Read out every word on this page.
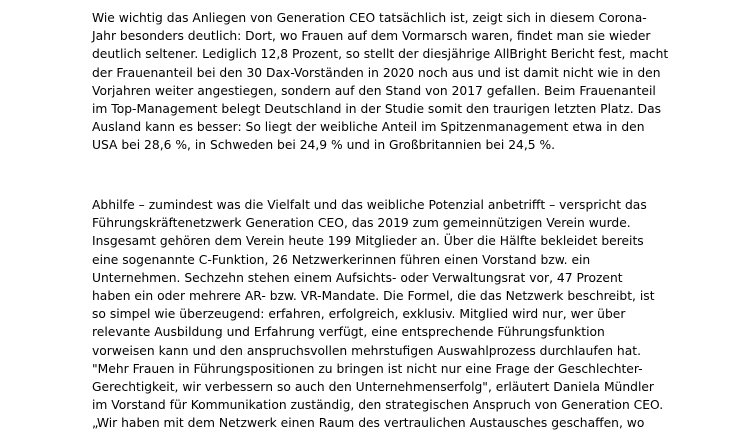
Wie wichtig das Anliegen von Generation CEO tatsächlich ist, zeigt sich in diesem Corona-
Jahr besonders deutlich: Dort, wo Frauen auf dem Vormarsch waren, findet man sie wieder
deutlich seltener. Lediglich 12,8 Prozent, so stellt der diesjährige AllBright Bericht fest, macht
der Frauenanteil bei den 30 Dax-Vorständen in 2020 noch aus und ist damit nicht wie in den
Vorjahren weiter angestiegen, sondern auf den Stand von 2017 gefallen. Beim Frauenanteil
im Top-Management belegt Deutschland in der Studie somit den traurigen letzten Platz. Das
Ausland kann es besser: So liegt der weibliche Anteil im Spitzenmanagement etwa in den
USA bei 28,6 %, in Schweden bei 24,9 % und in Großbritannien bei 24,5 %.

Abhilfe – zumindest was die Vielfalt und das weibliche Potenzial anbetrifft – verspricht das
Führungskräftenetzwerk Generation CEO, das 2019 zum gemeinnützigen Verein wurde.
Insgesamt gehören dem Verein heute 199 Mitglieder an. Über die Hälfte bekleidet bereits
eine sogenannte C-Funktion, 26 Netzwerkerinnen führen einen Vorstand bzw. ein
Unternehmen. Sechzehn stehen einem Aufsichts- oder Verwaltungsrat vor, 47 Prozent
haben ein oder mehrere AR- bzw. VR-Mandate. Die Formel, die das Netzwerk beschreibt, ist
so simpel wie überzeugend: erfahren, erfolgreich, exklusiv. Mitglied wird nur, wer über
relevante Ausbildung und Erfahrung verfügt, eine entsprechende Führungsfunktion
vorweisen kann und den anspruchsvollen mehrstufigen Auswahlprozess durchlaufen hat.
"Mehr Frauen in Führungspositionen zu bringen ist nicht nur eine Frage der Geschlechter-
Gerechtigkeit, wir verbessern so auch den Unternehmenserfolg", erläutert Daniela Mündler
im Vorstand für Kommunikation zuständig, den strategischen Anspruch von Generation CEO.
„Wir haben mit dem Netzwerk einen Raum des vertraulichen Austausches geschaffen, wo
